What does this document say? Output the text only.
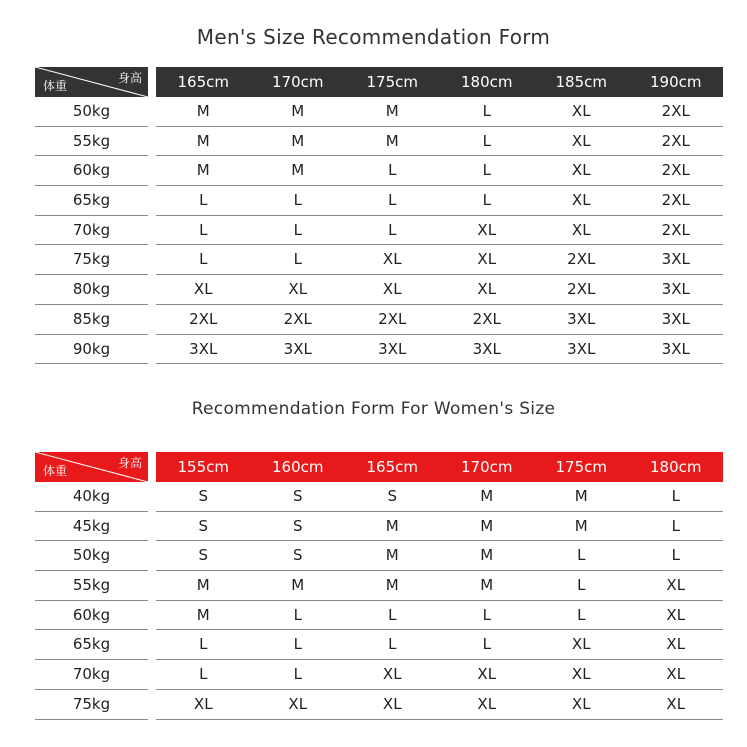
Men's Size Recommendation Form
身高
体重	165cm	170cm	175cm	180cm	185cm	190cm
50kg	M	M	M	L	XL	2XL
55kg	M	M	M	L	XL	2XL
60kg	M	M	L	L	XL	2XL
65kg	L	L	L	L	XL	2XL
70kg	L	L	L	XL	XL	2XL
75kg	L	L	XL	XL	2XL	3XL
80kg	XL	XL	XL	XL	2XL	3XL
85kg	2XL	2XL	2XL	2XL	3XL	3XL
90kg	3XL	3XL	3XL	3XL	3XL	3XL
Recommendation Form For Women's Size
身高
体重	155cm	160cm	165cm	170cm	175cm	180cm
40kg	S	S	S	M	M	L
45kg	S	S	M	M	M	L
50kg	S	S	M	M	L	L
55kg	M	M	M	M	L	XL
60kg	M	L	L	L	L	XL
65kg	L	L	L	L	XL	XL
70kg	L	L	XL	XL	XL	XL
75kg	XL	XL	XL	XL	XL	XL
